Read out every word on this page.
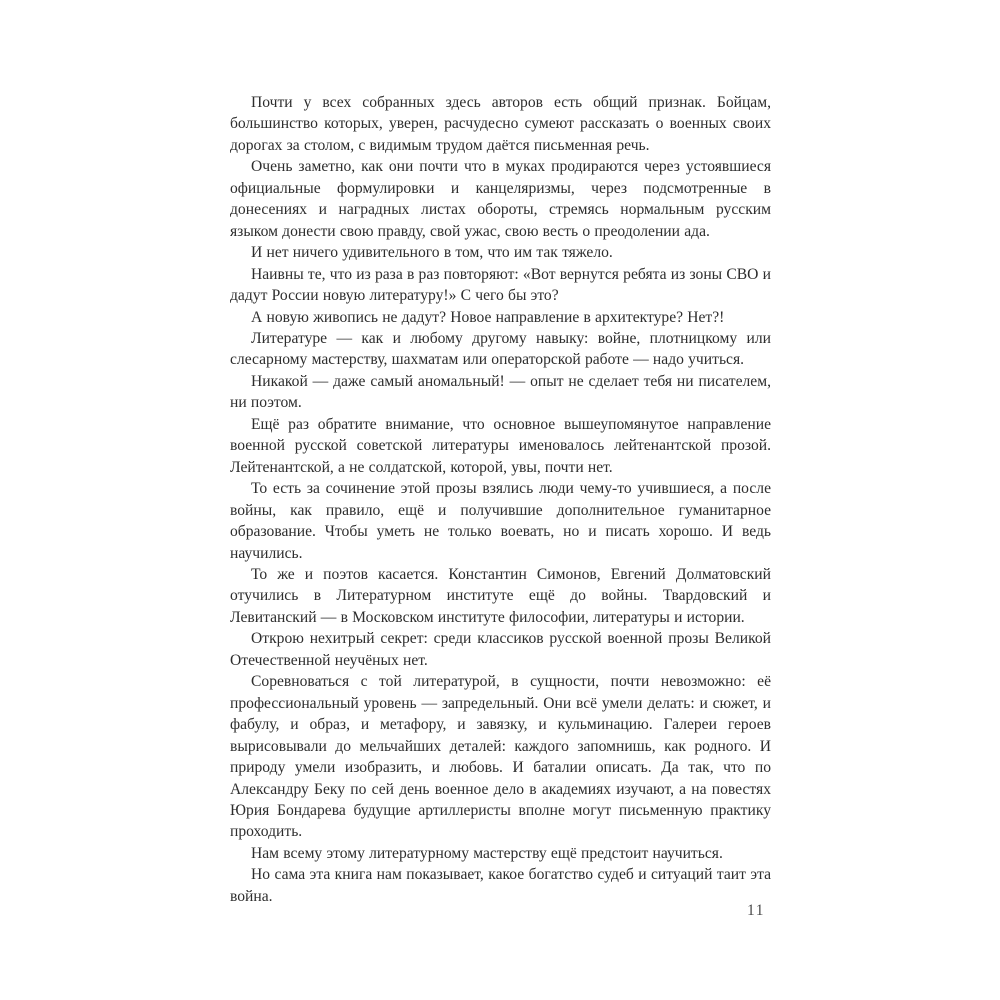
Почти у всех собранных здесь авторов есть общий признак. Бойцам, большинство которых, уверен, расчудесно сумеют рассказать о военных своих дорогах за столом, с видимым трудом даётся письменная речь.

Очень заметно, как они почти что в муках продираются через устоявшиеся официальные формулировки и канцеляризмы, через подсмотренные в донесениях и наградных листах обороты, стремясь нормальным русским языком донести свою правду, свой ужас, свою весть о преодолении ада.

И нет ничего удивительного в том, что им так тяжело.

Наивны те, что из раза в раз повторяют: «Вот вернутся ребята из зоны СВО и дадут России новую литературу!» С чего бы это?

А новую живопись не дадут? Новое направление в архитектуре? Нет?!

Литературе — как и любому другому навыку: войне, плотницкому или слесарному мастерству, шахматам или операторской работе — надо учиться.

Никакой — даже самый аномальный! — опыт не сделает тебя ни писателем, ни поэтом.

Ещё раз обратите внимание, что основное вышеупомянутое направление военной русской советской литературы именовалось лейтенантской прозой. Лейтенантской, а не солдатской, которой, увы, почти нет.

То есть за сочинение этой прозы взялись люди чему-то учившиеся, а после войны, как правило, ещё и получившие дополнительное гуманитарное образование. Чтобы уметь не только воевать, но и писать хорошо. И ведь научились.

То же и поэтов касается. Константин Симонов, Евгений Долматовский отучились в Литературном институте ещё до войны. Твардовский и Левитанский — в Московском институте философии, литературы и истории.

Открою нехитрый секрет: среди классиков русской военной прозы Великой Отечественной неучёных нет.

Соревноваться с той литературой, в сущности, почти невозможно: её профессиональный уровень — запредельный. Они всё умели делать: и сюжет, и фабулу, и образ, и метафору, и завязку, и кульминацию. Галереи героев вырисовывали до мельчайших деталей: каждого запомнишь, как родного. И природу умели изобразить, и любовь. И баталии описать. Да так, что по Александру Беку по сей день военное дело в академиях изучают, а на повестях Юрия Бондарева будущие артиллеристы вполне могут письменную практику проходить.

Нам всему этому литературному мастерству ещё предстоит научиться.

Но сама эта книга нам показывает, какое богатство судеб и ситуаций таит эта война.

11
